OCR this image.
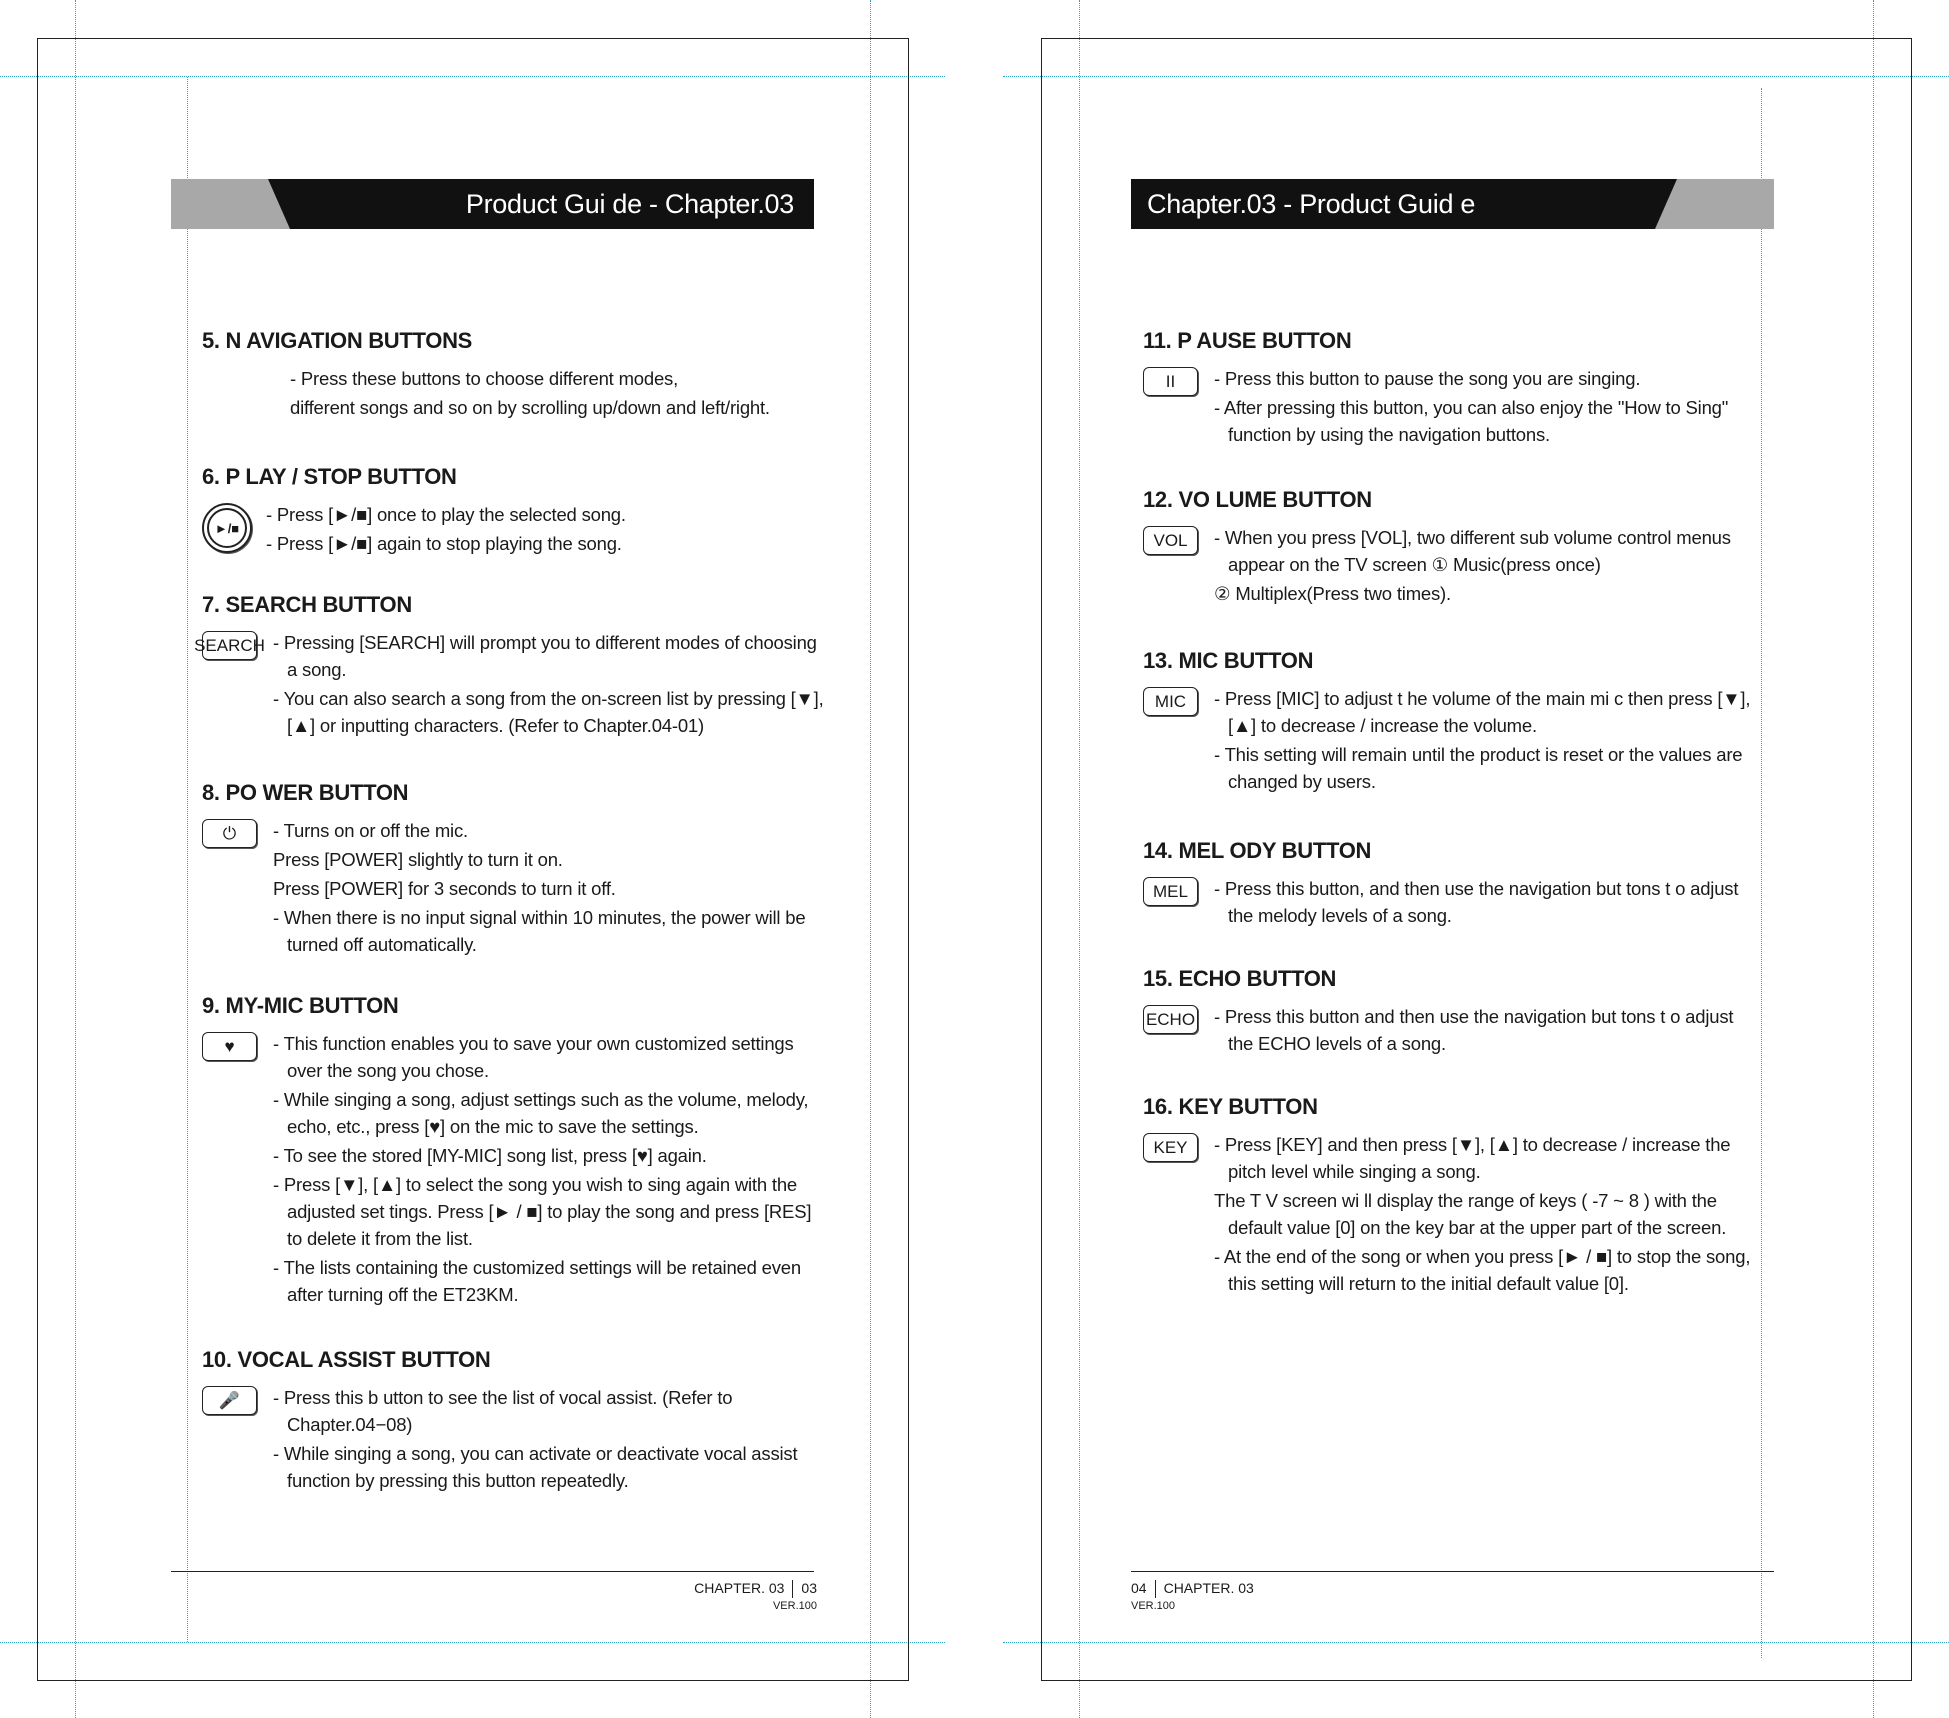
Product Gui de - Chapter.03
5. N AVIGATION BUTTONS

- Press these buttons to choose different modes,

different songs and so on by scrolling up/down and left/right.

6. P LAY / STOP BUTTON
►/■

- Press [►/■] once to play the selected song.

- Press [►/■] again to stop playing the song.

7. SEARCH BUTTON
SEARCH - Pressing [SEARCH] will prompt you to different modes of choosing a song.

- You can also search a song from the on-screen list by pressing [▼], [▲] or inputting characters. (Refer to Chapter.04-01)

8. PO WER BUTTON
⏻ - Turns on or off the mic.

Press [POWER] slightly to turn it on.

Press [POWER] for 3 seconds to turn it off.

- When there is no input signal within 10 minutes, the power will be turned off automatically.

9. MY-MIC BUTTON
♥ - This function enables you to save your own customized settings over the song you chose.

- While singing a song, adjust settings such as the volume, melody, echo, etc., press [♥] on the mic to save the settings.

- To see the stored [MY-MIC] song list, press [♥] again.

- Press [▼], [▲] to select the song you wish to sing again with the adjusted set tings. Press [► / ■] to play the song and press [RES] to delete it from the list.

- The lists containing the customized settings will be retained even after turning off the ET23KM.

10. VOCAL ASSIST BUTTON
🎤 - Press this b utton to see the list of vocal assist. (Refer to Chapter.04−08)

- While singing a song, you can activate or deactivate vocal assist function by pressing this button repeatedly.

CHAPTER. 03 03
VER.100
Chapter.03 - Product Guid e
11. P AUSE BUTTON
II - Press this button to pause the song you are singing.

- After pressing this button, you can also enjoy the "How to Sing" function by using the navigation buttons.

12. VO LUME BUTTON
VOL - When you press [VOL], two different sub volume control menus appear on the TV screen ① Music(press once)

② Multiplex(Press two times).

13. MIC BUTTON
MIC - Press [MIC] to adjust t he volume of the main mi c then press [▼], [▲] to decrease / increase the volume.

- This setting will remain until the product is reset or the values are changed by users.

14. MEL ODY BUTTON
MEL - Press this button, and then use the navigation but tons t o adjust the melody levels of a song.

15. ECHO BUTTON
ECHO - Press this button and then use the navigation but tons t o adjust the ECHO levels of a song.

16. KEY BUTTON
KEY - Press [KEY] and then press [▼], [▲] to decrease / increase the pitch level while singing a song.

The T V screen wi ll display the range of keys ( -7 ~ 8 ) with the default value [0] on the key bar at the upper part of the screen.

- At the end of the song or when you press [► / ■] to stop the song, this setting will return to the initial default value [0].

04 CHAPTER. 03
VER.100
